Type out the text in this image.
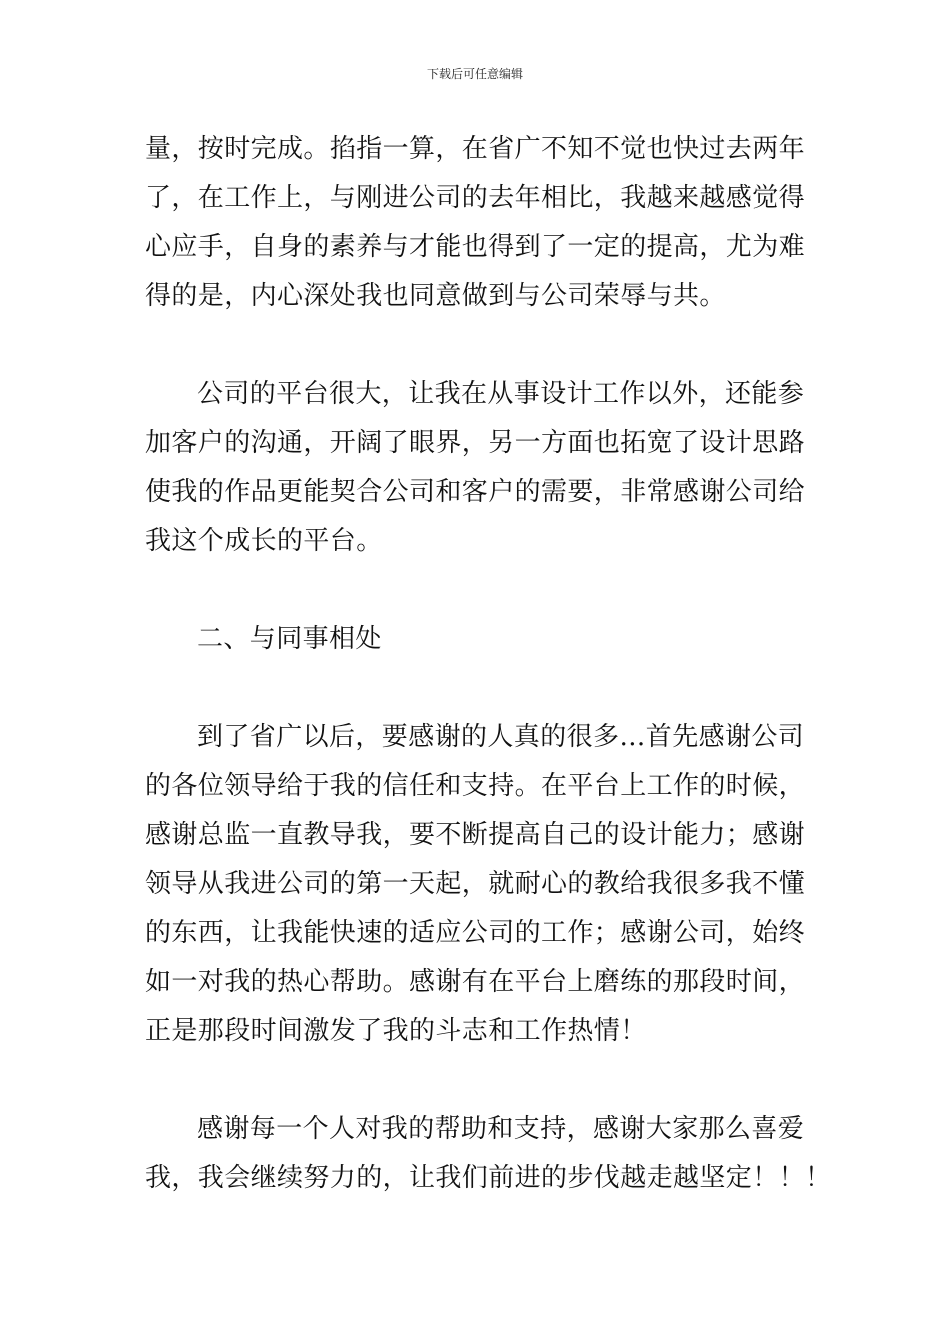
下载后可任意编辑
量，按时完成。掐指一算，在省广不知不觉也快过去两年
了，在工作上，与刚进公司的去年相比，我越来越感觉得
心应手，自身的素养与才能也得到了一定的提高，尤为难
得的是，内心深处我也同意做到与公司荣辱与共。
公司的平台很大，让我在从事设计工作以外，还能参
加客户的沟通，开阔了眼界，另一方面也拓宽了设计思路
使我的作品更能契合公司和客户的需要，非常感谢公司给
我这个成长的平台。
二、与同事相处
到了省广以后，要感谢的人真的很多…首先感谢公司
的各位领导给于我的信任和支持。在平台上工作的时候，
感谢总监一直教导我，要不断提高自己的设计能力；感谢
领导从我进公司的第一天起，就耐心的教给我很多我不懂
的东西，让我能快速的适应公司的工作；感谢公司，始终
如一对我的热心帮助。感谢有在平台上磨练的那段时间，
正是那段时间激发了我的斗志和工作热情！
感谢每一个人对我的帮助和支持，感谢大家那么喜爱
我，我会继续努力的，让我们前进的步伐越走越坚定！！！
